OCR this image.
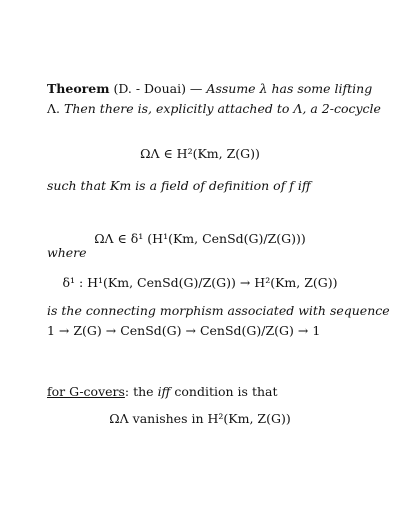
Theorem (D. - Douai) — Assume λ has some lifting
Λ. Then there is, explicitly attached to Λ, a 2-cocycle
ΩΛ ∈ H²(Km, Z(G))
such that Km is a field of definition of f iff
ΩΛ ∈ δ¹ (H¹(Km, CenSd(G)/Z(G)))
where
δ¹ : H¹(Km, CenSd(G)/Z(G)) → H²(Km, Z(G))
is the connecting morphism associated with sequence
1 → Z(G) → CenSd(G) → CenSd(G)/Z(G) → 1
for G-covers: the iff condition is that
ΩΛ vanishes in H²(Km, Z(G))
